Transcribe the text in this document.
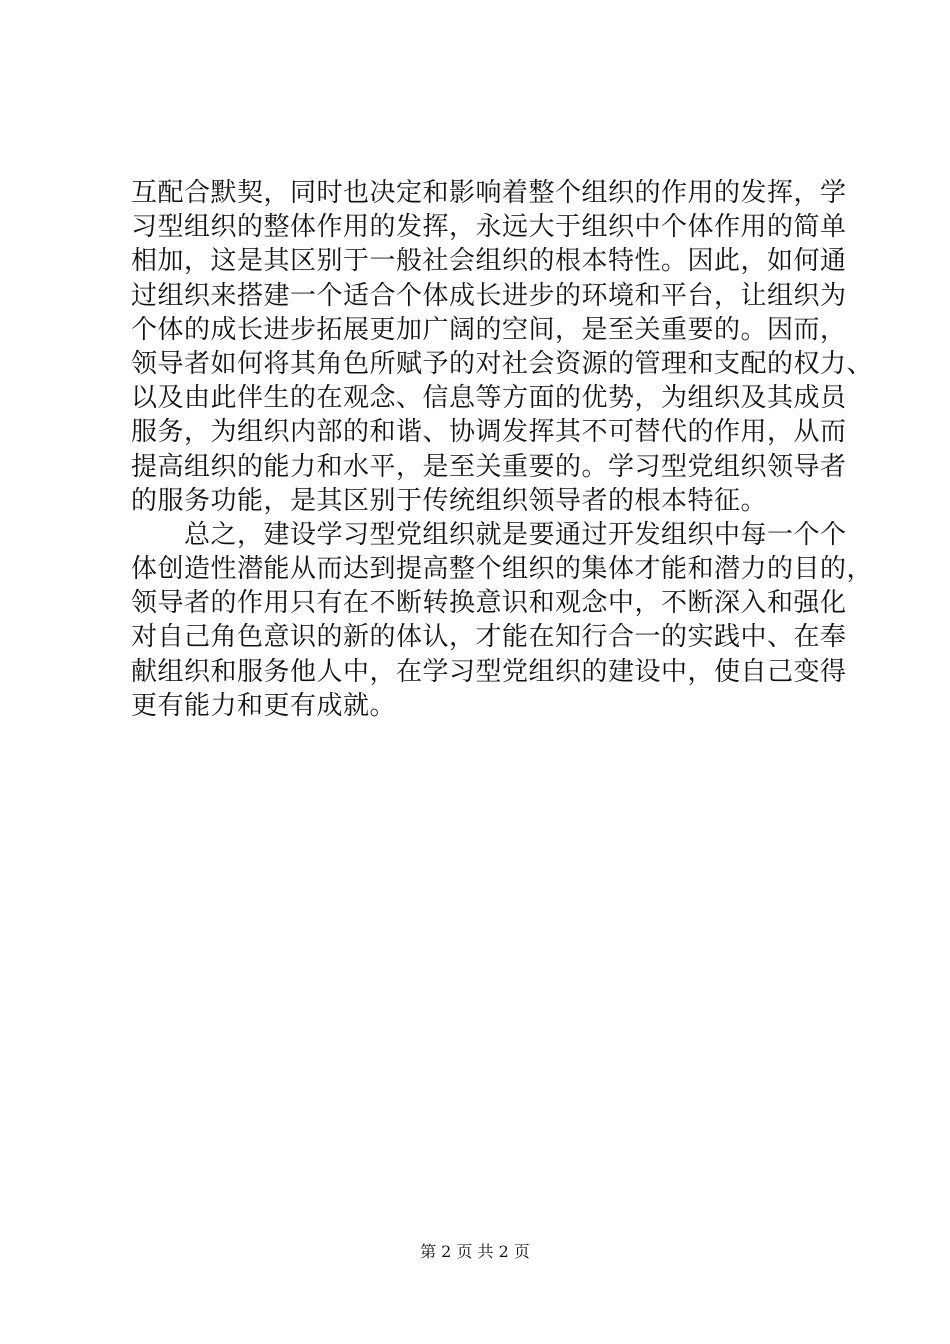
互配合默契，同时也决定和影响着整个组织的作用的发挥，学
习型组织的整体作用的发挥，永远大于组织中个体作用的简单
相加，这是其区别于一般社会组织的根本特性。因此，如何通
过组织来搭建一个适合个体成长进步的环境和平台，让组织为
个体的成长进步拓展更加广阔的空间，是至关重要的。因而，
领导者如何将其角色所赋予的对社会资源的管理和支配的权力、
以及由此伴生的在观念、信息等方面的优势，为组织及其成员
服务，为组织内部的和谐、协调发挥其不可替代的作用，从而
提高组织的能力和水平，是至关重要的。学习型党组织领导者
的服务功能，是其区别于传统组织领导者的根本特征。
　　总之，建设学习型党组织就是要通过开发组织中每一个个
体创造性潜能从而达到提高整个组织的集体才能和潜力的目的，
领导者的作用只有在不断转换意识和观念中，不断深入和强化
对自己角色意识的新的体认，才能在知行合一的实践中、在奉
献组织和服务他人中，在学习型党组织的建设中，使自己变得
更有能力和更有成就。
第 2 页 共 2 页
